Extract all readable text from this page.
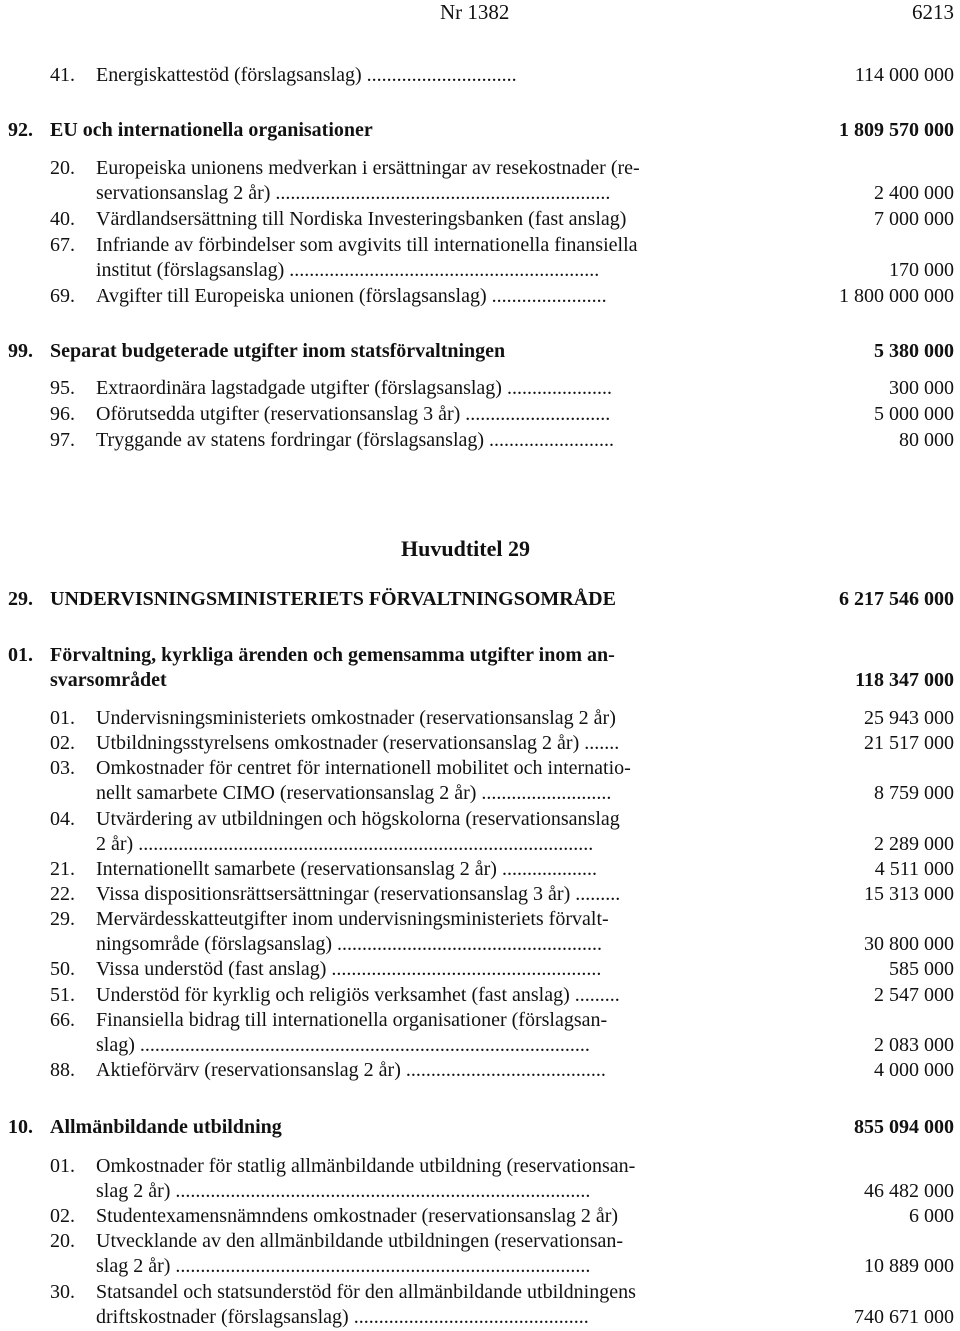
Nr 1382	6213
41. Energiskattestöd (förslagsanslag) ..............................	114 000 000
92. EU och internationella organisationer	1 809 570 000
20. Europeiska unionens medverkan i ersättningar av resekostnader (re-
servationsanslag 2 år) ...................................................................	2 400 000
40. Värdlandsersättning till Nordiska Investeringsbanken (fast anslag)	7 000 000
67. Infriande av förbindelser som avgivits till internationella finansiella
institut (förslagsanslag) ..............................................................	170 000
69. Avgifter till Europeiska unionen (förslagsanslag) .......................	1 800 000 000
99. Separat budgeterade utgifter inom statsförvaltningen	5 380 000
95. Extraordinära lagstadgade utgifter (förslagsanslag) .....................	300 000
96. Oförutsedda utgifter (reservationsanslag 3 år) .............................	5 000 000
97. Tryggande av statens fordringar (förslagsanslag) .........................	80 000
Huvudtitel 29
29. UNDERVISNINGSMINISTERIETS FÖRVALTNINGSOMRÅDE	6 217 546 000
01. Förvaltning, kyrkliga ärenden och gemensamma utgifter inom an-
svarsområdet	118 347 000
01. Undervisningsministeriets omkostnader (reservationsanslag 2 år)	25 943 000
02. Utbildningsstyrelsens omkostnader (reservationsanslag 2 år) .......	21 517 000
03. Omkostnader för centret för internationell mobilitet och internatio-
nellt samarbete CIMO (reservationsanslag 2 år) ..........................	8 759 000
04. Utvärdering av utbildningen och högskolorna (reservationsanslag
2 år) ...........................................................................................	2 289 000
21. Internationellt samarbete (reservationsanslag 2 år) ...................	4 511 000
22. Vissa dispositionsrättsersättningar (reservationsanslag 3 år) .........	15 313 000
29. Mervärdesskatteutgifter inom undervisningsministeriets förvalt-
ningsområde (förslagsanslag) .....................................................	30 800 000
50. Vissa understöd (fast anslag) ......................................................	585 000
51. Understöd för kyrklig och religiös verksamhet (fast anslag) .........	2 547 000
66. Finansiella bidrag till internationella organisationer (förslagsan-
slag) ..........................................................................................	2 083 000
88. Aktieförvärv (reservationsanslag 2 år) ........................................	4 000 000
10. Allmänbildande utbildning	855 094 000
01. Omkostnader för statlig allmänbildande utbildning (reservationsan-
slag 2 år) ...................................................................................	46 482 000
02. Studentexamensnämndens omkostnader (reservationsanslag 2 år)	6 000
20. Utvecklande av den allmänbildande utbildningen (reservationsan-
slag 2 år) ...................................................................................	10 889 000
30. Statsandel och statsunderstöd för den allmänbildande utbildningens
driftskostnader (förslagsanslag) ...............................................	740 671 000
